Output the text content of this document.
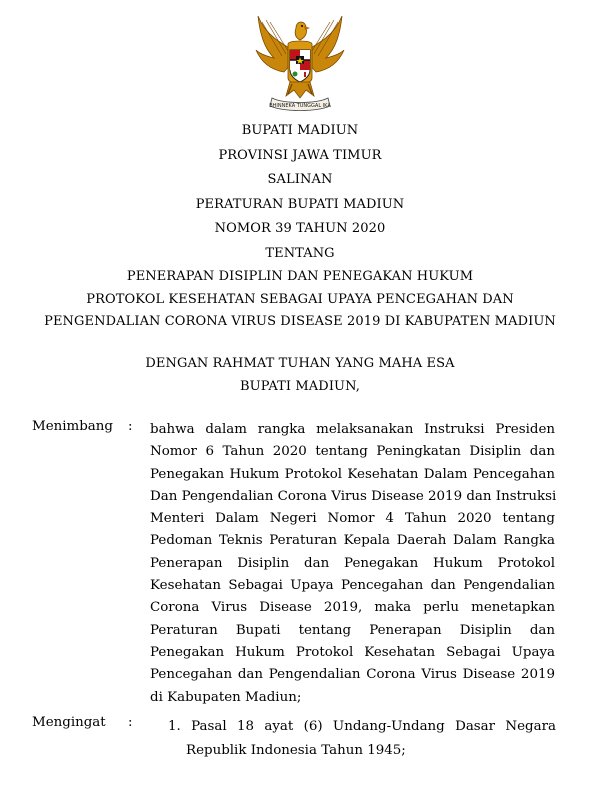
BHINNEKA TUNGGAL IKA
BUPATI MADIUN
PROVINSI JAWA TIMUR
SALINAN
PERATURAN BUPATI MADIUN
NOMOR 39 TAHUN 2020
TENTANG
PENERAPAN DISIPLIN DAN PENEGAKAN HUKUM
PROTOKOL KESEHATAN SEBAGAI UPAYA PENCEGAHAN DAN
PENGENDALIAN CORONA VIRUS DISEASE 2019 DI KABUPATEN MADIUN
DENGAN RAHMAT TUHAN YANG MAHA ESA
BUPATI MADIUN,
Menimbang : bahwa dalam rangka melaksanakan Instruksi Presiden
Nomor 6 Tahun 2020 tentang Peningkatan Disiplin dan
Penegakan Hukum Protokol Kesehatan Dalam Pencegahan
Dan Pengendalian Corona Virus Disease 2019 dan Instruksi
Menteri Dalam Negeri Nomor 4 Tahun 2020 tentang
Pedoman Teknis Peraturan Kepala Daerah Dalam Rangka
Penerapan Disiplin dan Penegakan Hukum Protokol
Kesehatan Sebagai Upaya Pencegahan dan Pengendalian
Corona Virus Disease 2019, maka perlu menetapkan
Peraturan Bupati tentang Penerapan Disiplin dan
Penegakan Hukum Protokol Kesehatan Sebagai Upaya
Pencegahan dan Pengendalian Corona Virus Disease 2019
di Kabupaten Madiun;
Mengingat :	1. Pasal 18 ayat (6) Undang-Undang Dasar Negara
Republik Indonesia Tahun 1945;
